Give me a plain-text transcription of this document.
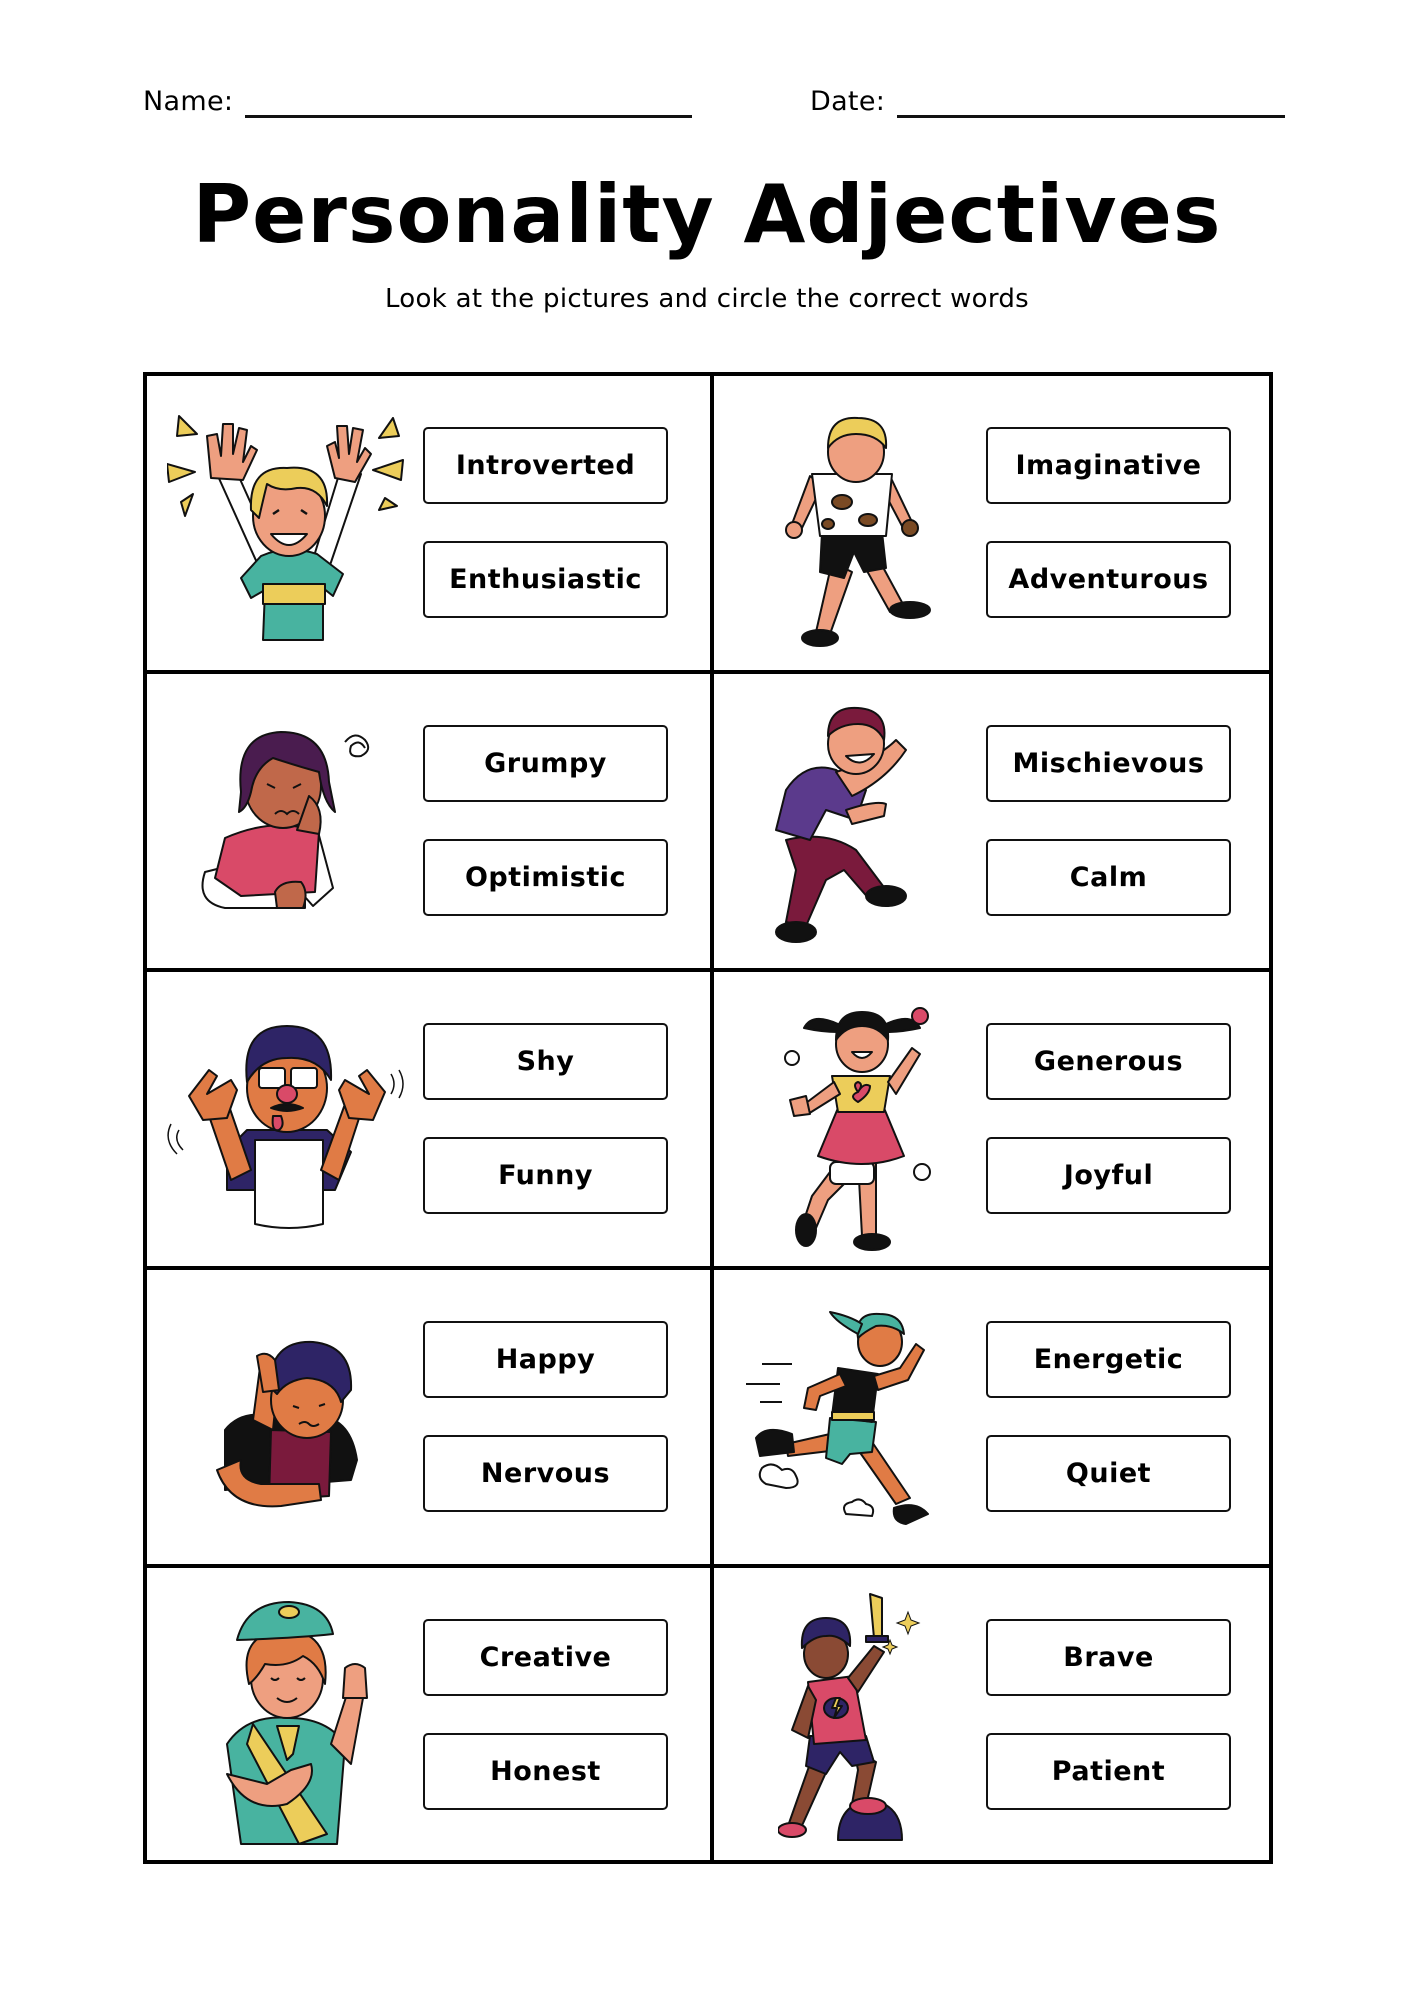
Name:	Date:
Personality Adjectives
Look at the pictures and circle the correct words
Introverted
Enthusiastic
Imaginative
Adventurous
Grumpy
Optimistic
Mischievous
Calm
Shy
Funny
Generous
Joyful
Happy
Nervous
Energetic
Quiet
Creative
Honest
Brave
Patient
